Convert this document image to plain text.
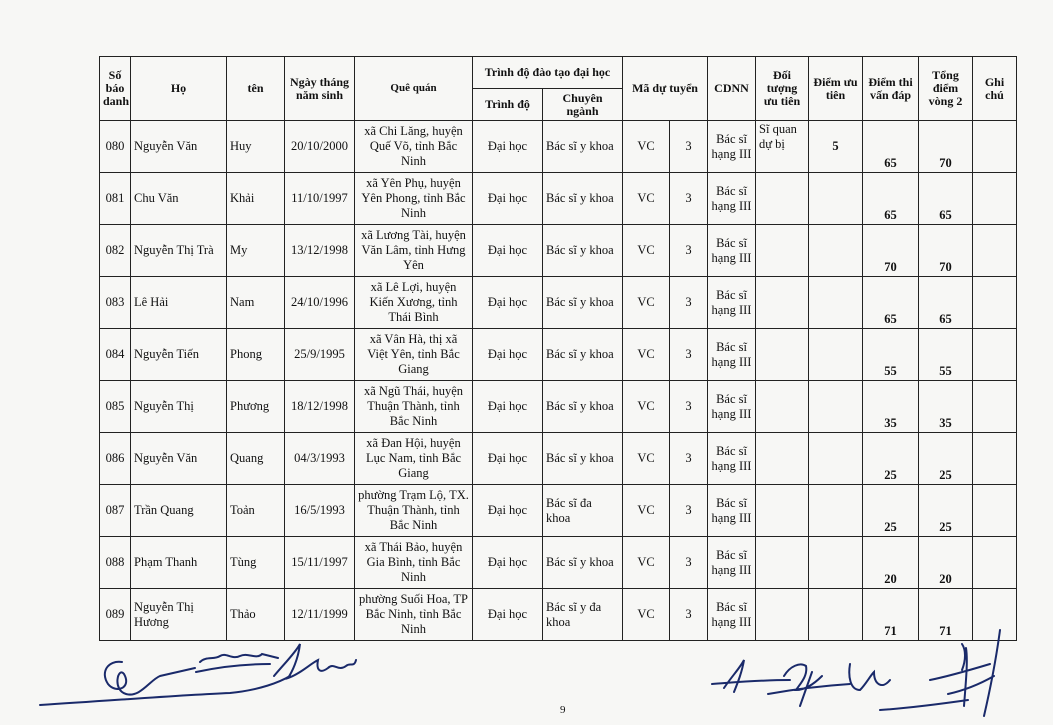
Số báo danh	Họ	tên	Ngày tháng năm sinh	Quê quán	Trình độ đào tạo đại học		Mã dự tuyển		CDNN	Đối tượng ưu tiên	Điểm ưu tiên	Điểm thi vấn đáp	Tổng điểm vòng 2	Ghi chú
					Trình độ	Chuyên ngành								
080	Nguyễn Văn	Huy	20/10/2000	xã Chi Lăng, huyện Quế Võ, tỉnh Bắc Ninh	Đại học	Bác sĩ y khoa	VC	3	Bác sĩ hạng III	Sĩ quan dự bị	5	65	70	
081	Chu Văn	Khải	11/10/1997	xã Yên Phụ, huyện Yên Phong, tỉnh Bắc Ninh	Đại học	Bác sĩ y khoa	VC	3	Bác sĩ hạng III			65	65	
082	Nguyễn Thị Trà	My	13/12/1998	xã Lương Tài, huyện Văn Lâm, tỉnh Hưng Yên	Đại học	Bác sĩ y khoa	VC	3	Bác sĩ hạng III			70	70	
083	Lê Hải	Nam	24/10/1996	xã Lê Lợi, huyện Kiến Xương, tỉnh Thái Bình	Đại học	Bác sĩ y khoa	VC	3	Bác sĩ hạng III			65	65	
084	Nguyễn Tiến	Phong	25/9/1995	xã Vân Hà, thị xã Việt Yên, tỉnh Bắc Giang	Đại học	Bác sĩ y khoa	VC	3	Bác sĩ hạng III			55	55	
085	Nguyễn Thị	Phương	18/12/1998	xã Ngũ Thái, huyện Thuận Thành, tỉnh Bắc Ninh	Đại học	Bác sĩ y khoa	VC	3	Bác sĩ hạng III			35	35	
086	Nguyễn Văn	Quang	04/3/1993	xã Đan Hội, huyện Lục Nam, tỉnh Bắc Giang	Đại học	Bác sĩ y khoa	VC	3	Bác sĩ hạng III			25	25	
087	Trần Quang	Toản	16/5/1993	phường Trạm Lộ, TX. Thuận Thành, tỉnh Bắc Ninh	Đại học	Bác sĩ đa khoa	VC	3	Bác sĩ hạng III			25	25	
088	Phạm Thanh	Tùng	15/11/1997	xã Thái Bảo, huyện Gia Bình, tỉnh Bắc Ninh	Đại học	Bác sĩ y khoa	VC	3	Bác sĩ hạng III			20	20	
089	Nguyễn Thị Hương	Thảo	12/11/1999	phường Suối Hoa, TP Bắc Ninh, tỉnh Bắc Ninh	Đại học	Bác sĩ y đa khoa	VC	3	Bác sĩ hạng III			71	71	
9
